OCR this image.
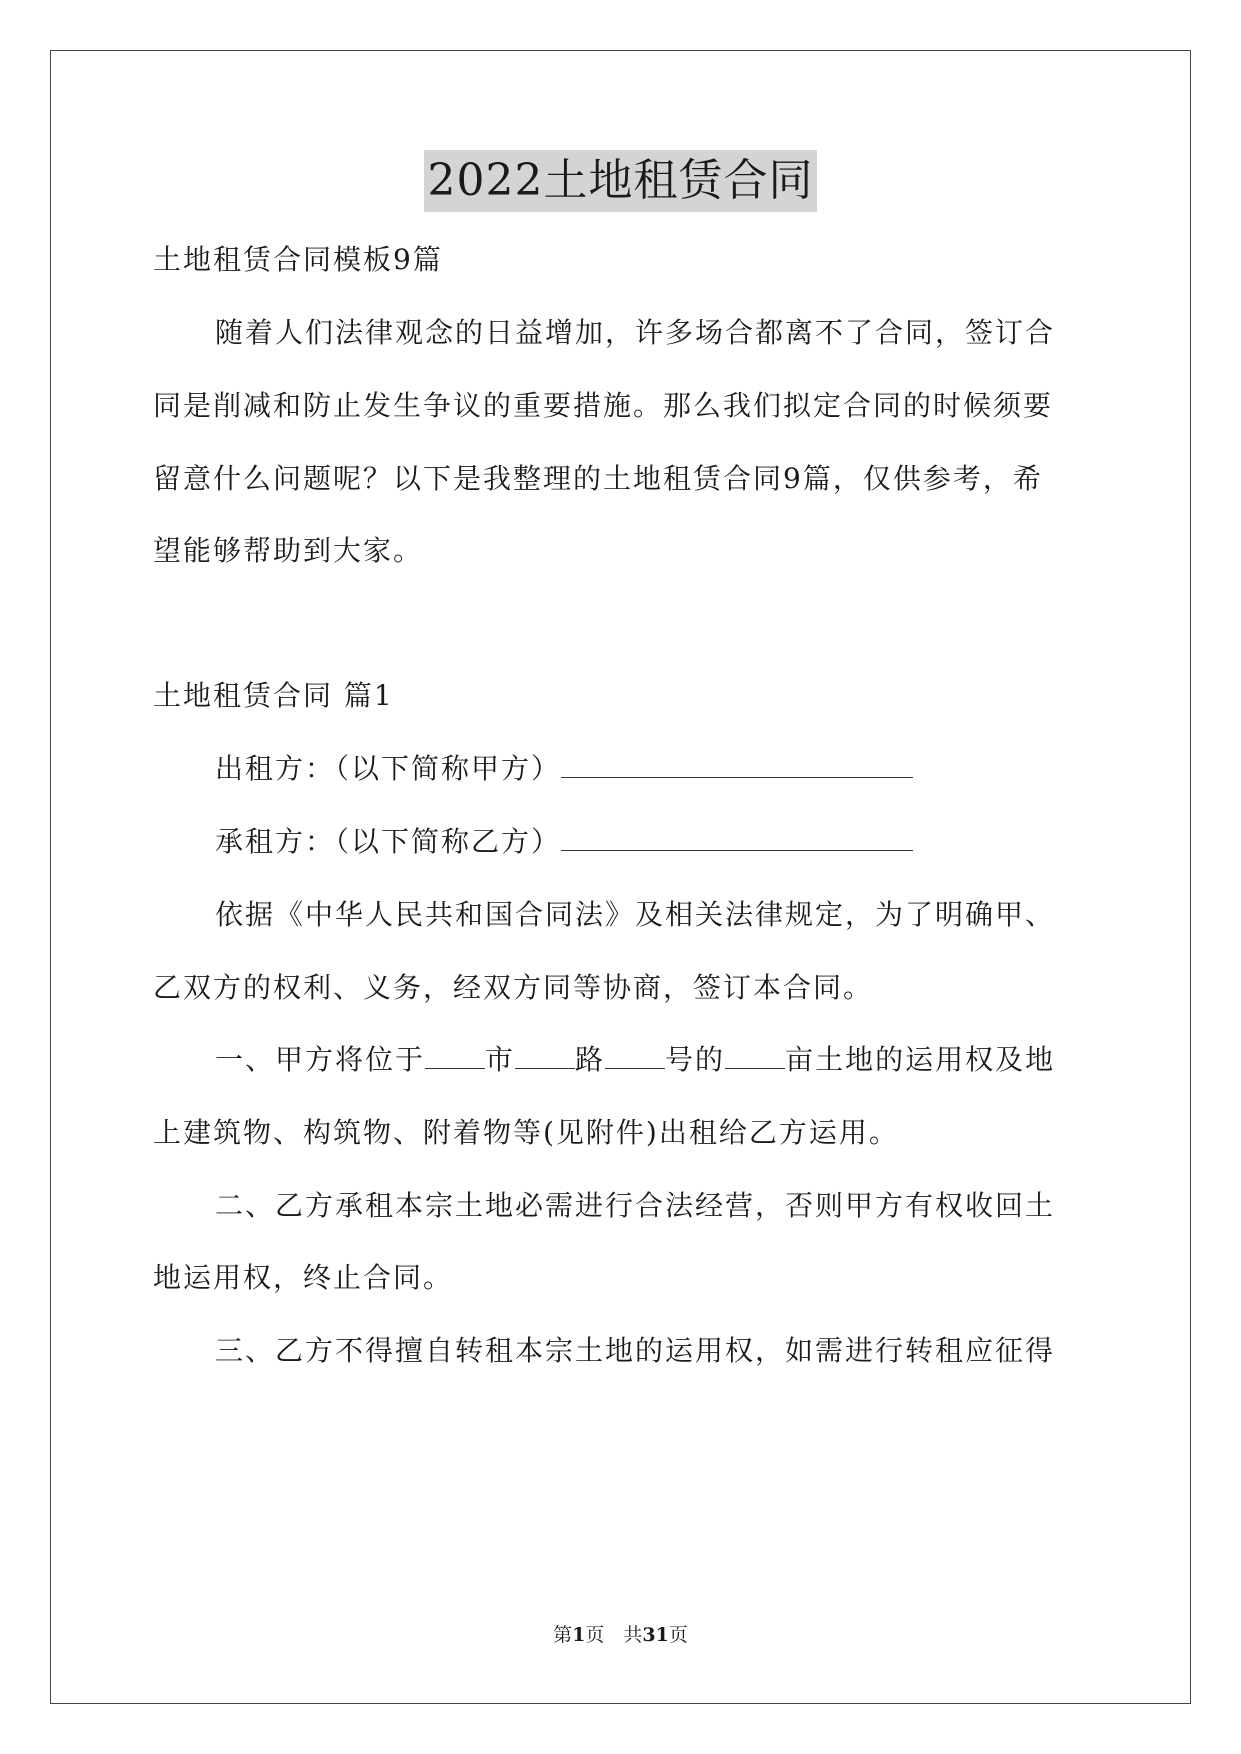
2022土地租赁合同
土地租赁合同模板9篇
随着人们法律观念的日益增加，许多场合都离不了合同，签订合
同是削减和防止发生争议的重要措施。那么我们拟定合同的时候须要
留意什么问题呢？以下是我整理的土地租赁合同9篇，仅供参考，希
望能够帮助到大家。
土地租赁合同 篇1
出租方：（以下简称甲方）
承租方：（以下简称乙方）
依据《中华人民共和国合同法》及相关法律规定，为了明确甲、
乙双方的权利、义务，经双方同等协商，签订本合同。
一、甲方将位于 市 路 号的 亩土地的运用权及地
上建筑物、构筑物、附着物等(见附件)出租给乙方运用。
二、乙方承租本宗土地必需进行合法经营，否则甲方有权收回土
地运用权，终止合同。
三、乙方不得擅自转租本宗土地的运用权，如需进行转租应征得
第1页　共31页
